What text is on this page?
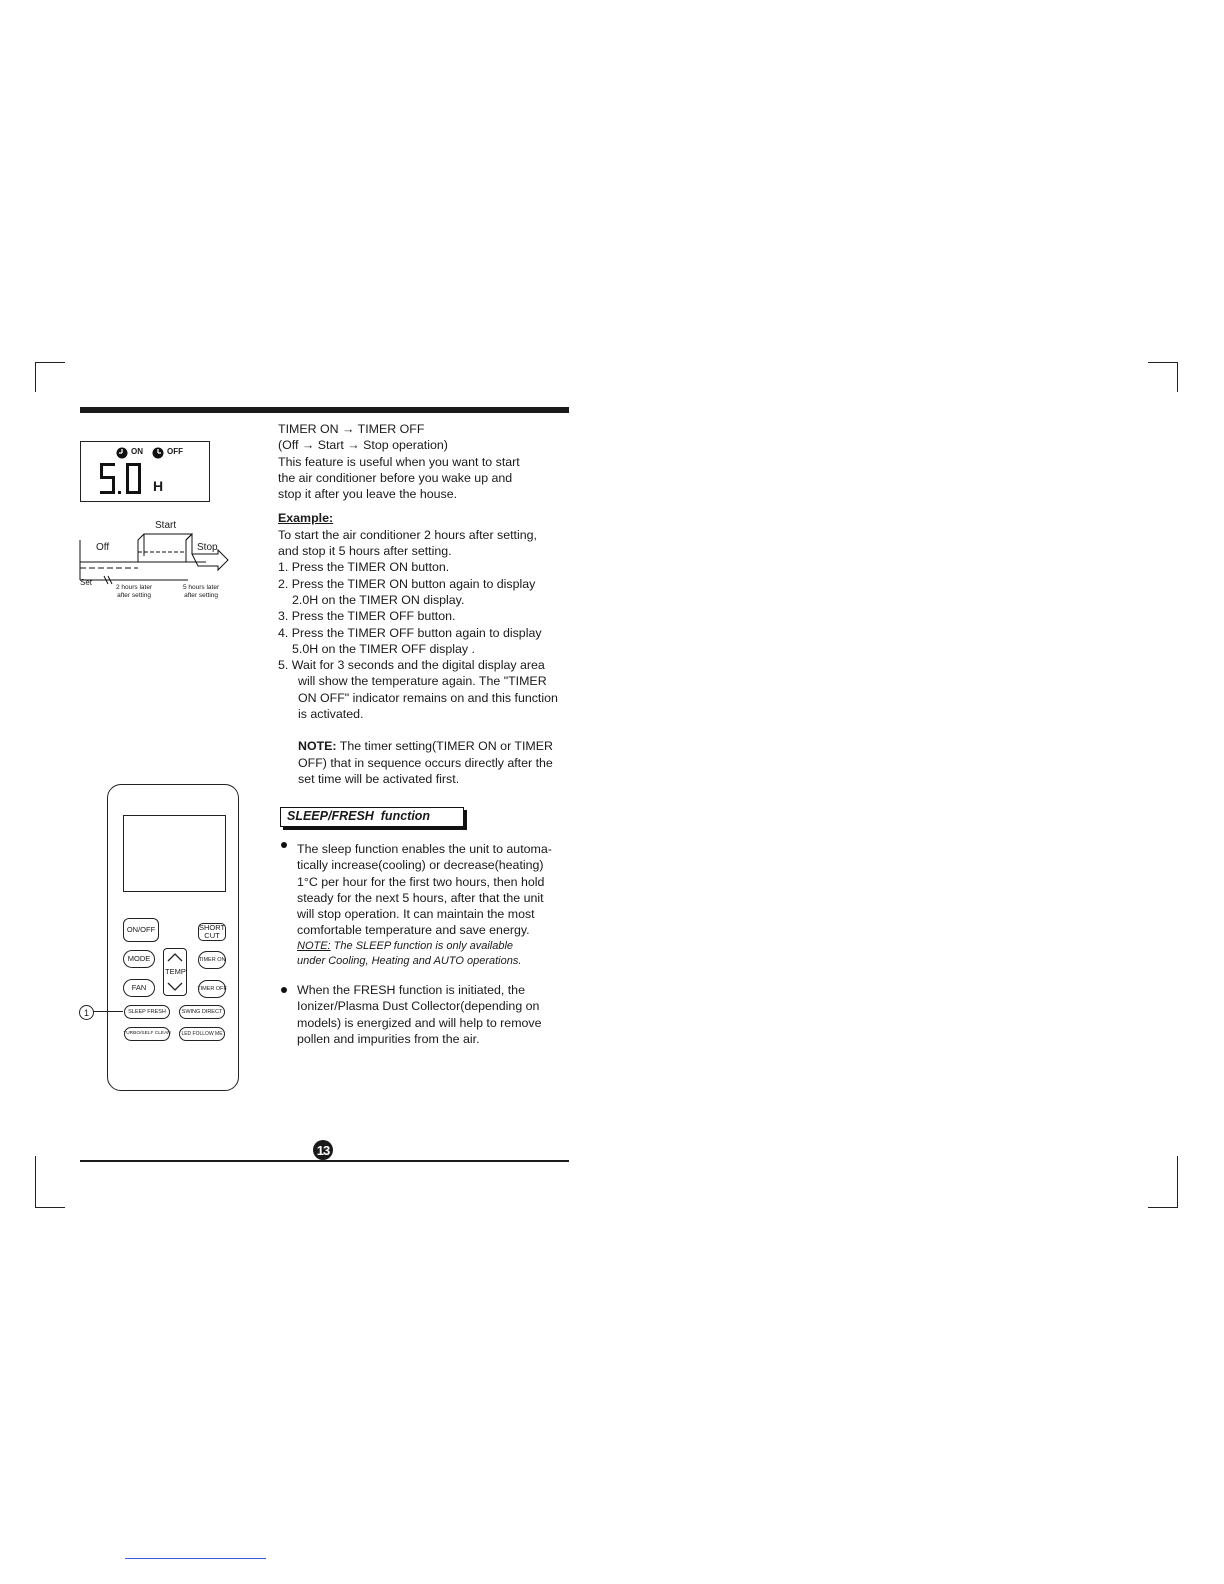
ON	OFF
H
Start
Off	Stop
Set
2 hours later
after setting
5 hours later
after setting

TIMER ON → TIMER OFF

(Off → Start → Stop operation)

This feature is useful when you want to start

the air conditioner before you wake up and

stop it after you leave the house.

Example:

To start the air conditioner 2 hours after setting,

and stop it 5 hours after setting.

1. Press the TIMER ON button.

2. Press the TIMER ON button again to display

2.0H on the TIMER ON display.

3. Press the TIMER OFF button.

4. Press the TIMER OFF button again to display

5.0H on the TIMER OFF display .

5. Wait for 3 seconds and the digital display area

will show the temperature again. The "TIMER

ON OFF" indicator remains on and this function

is activated.

NOTE: The timer setting(TIMER ON or TIMER

OFF) that in sequence occurs directly after the

set time will be activated first.

SLEEP/FRESH  function
The sleep function enables the unit to automa-
tically increase(cooling) or decrease(heating)
1°C per hour for the first two hours, then hold
steady for the next 5 hours, after that the unit
will stop operation. It can maintain the most
comfortable temperature and save energy.
NOTE: The SLEEP function is only available
under Cooling, Heating and AUTO operations.
When the FRESH function is initiated, the
Ionizer/Plasma Dust Collector(depending on
models) is energized and will help to remove
pollen and impurities from the air.
ON/OFF	SHORT
CUT
MODE
TEMP
TIMER ON
FAN	TIMER OFF
SLEEP FRESH	SWING DIRECT
TURBO/SELF CLEAN	LED FOLLOW ME
1
13
